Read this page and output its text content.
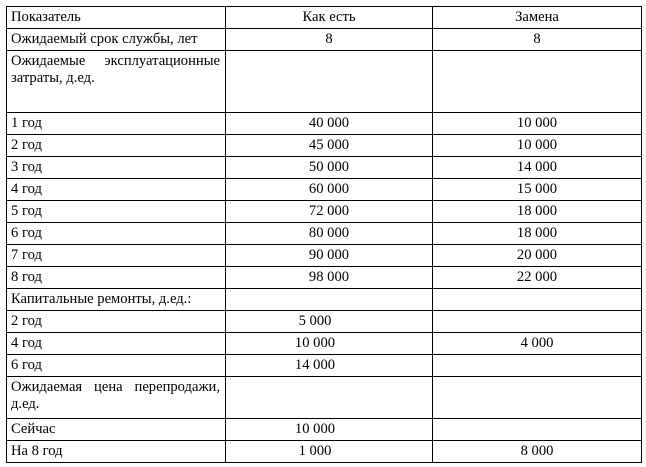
Показатель	Как есть	Замена
Ожидаемый срок службы, лет	8	8
Ожидаемые эксплуатационные затраты, д.ед.		
1 год	40 000	10 000
2 год	45 000	10 000
3 год	50 000	14 000
4 год	60 000	15 000
5 год	72 000	18 000
6 год	80 000	18 000
7 год	90 000	20 000
8 год	98 000	22 000
Капитальные ремонты, д.ед.:		
2 год	5 000	

4 год	10 000	4 000
6 год	14 000	

Ожидаемая цена перепродажи, д.ед.		
Сейчас	10 000	

На 8 год	1 000	8 000
